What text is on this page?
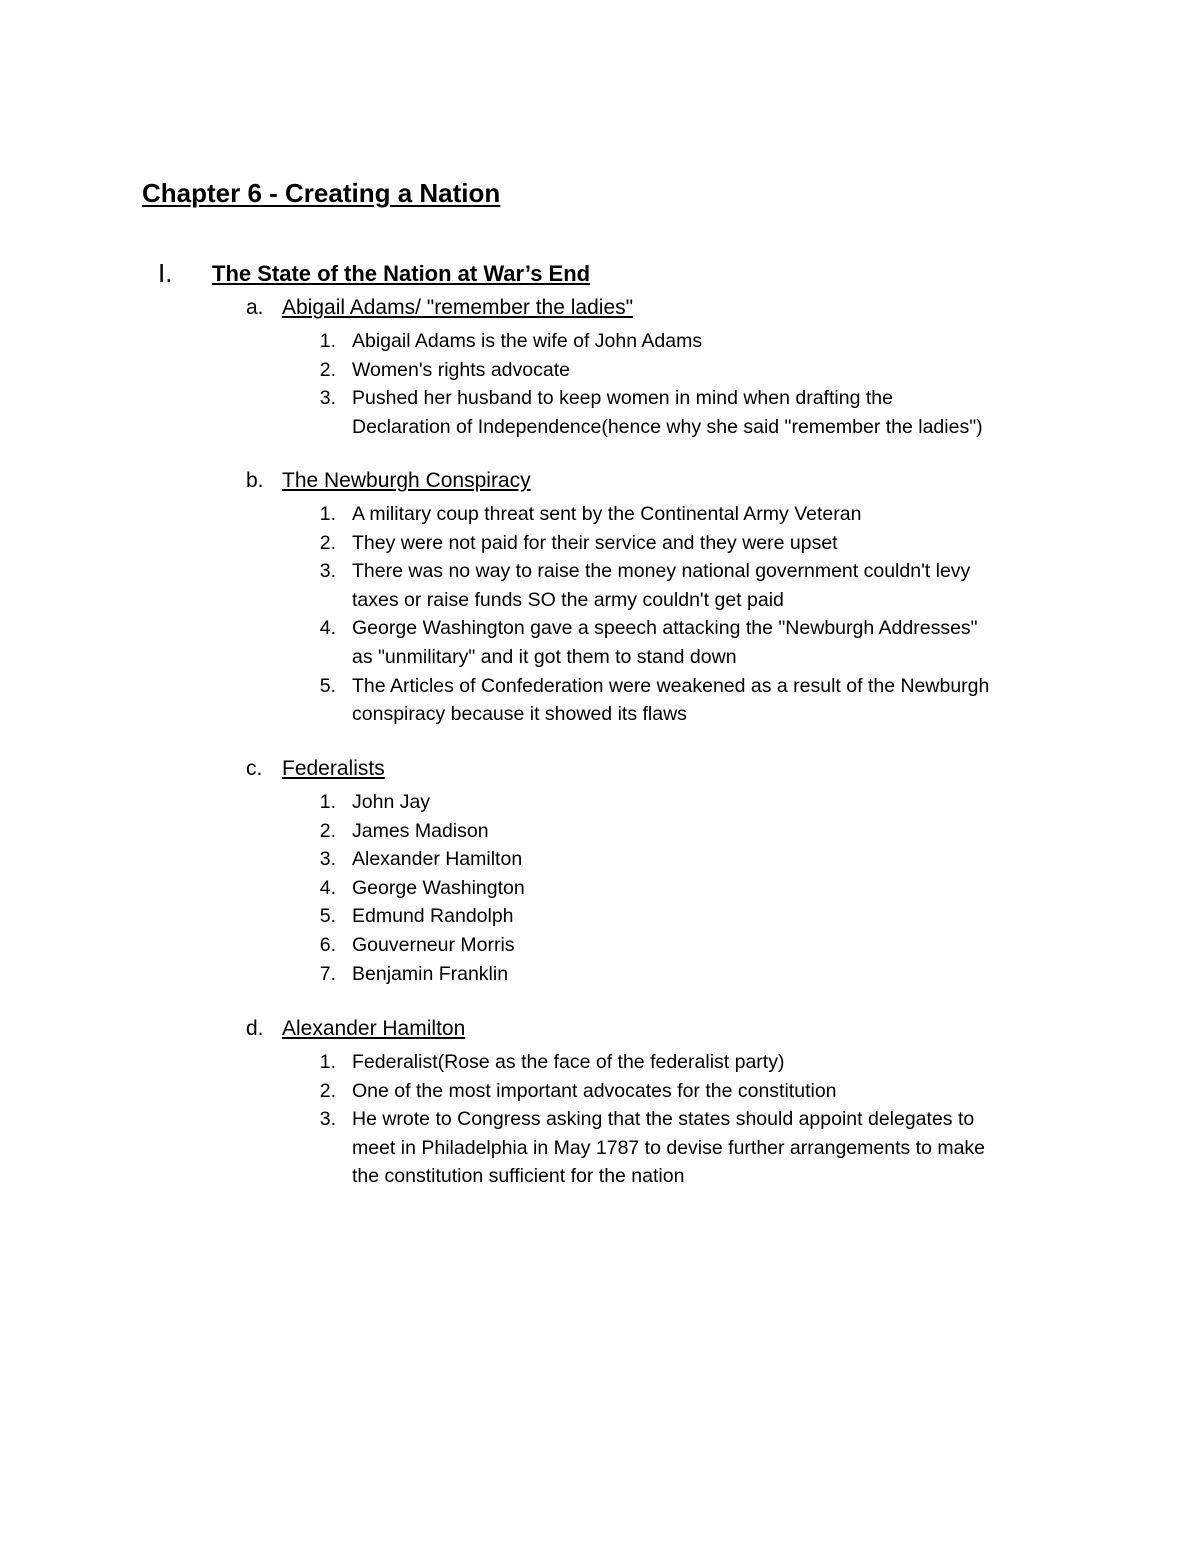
Chapter 6 - Creating a Nation
I. The State of the Nation at War’s End
a. Abigail Adams/ "remember the ladies"
1. Abigail Adams is the wife of John Adams
2. Women's rights advocate
3. Pushed her husband to keep women in mind when drafting the
Declaration of Independence(hence why she said "remember the ladies")
b. The Newburgh Conspiracy
1. A military coup threat sent by the Continental Army Veteran
2. They were not paid for their service and they were upset
3. There was no way to raise the money national government couldn't levy
taxes or raise funds SO the army couldn't get paid
4. George Washington gave a speech attacking the "Newburgh Addresses"
as "unmilitary" and it got them to stand down
5. The Articles of Confederation were weakened as a result of the Newburgh
conspiracy because it showed its flaws
c. Federalists
1. John Jay
2. James Madison
3. Alexander Hamilton
4. George Washington
5. Edmund Randolph
6. Gouverneur Morris
7. Benjamin Franklin
d. Alexander Hamilton
1. Federalist(Rose as the face of the federalist party)
2. One of the most important advocates for the constitution
3. He wrote to Congress asking that the states should appoint delegates to
meet in Philadelphia in May 1787 to devise further arrangements to make
the constitution sufficient for the nation
